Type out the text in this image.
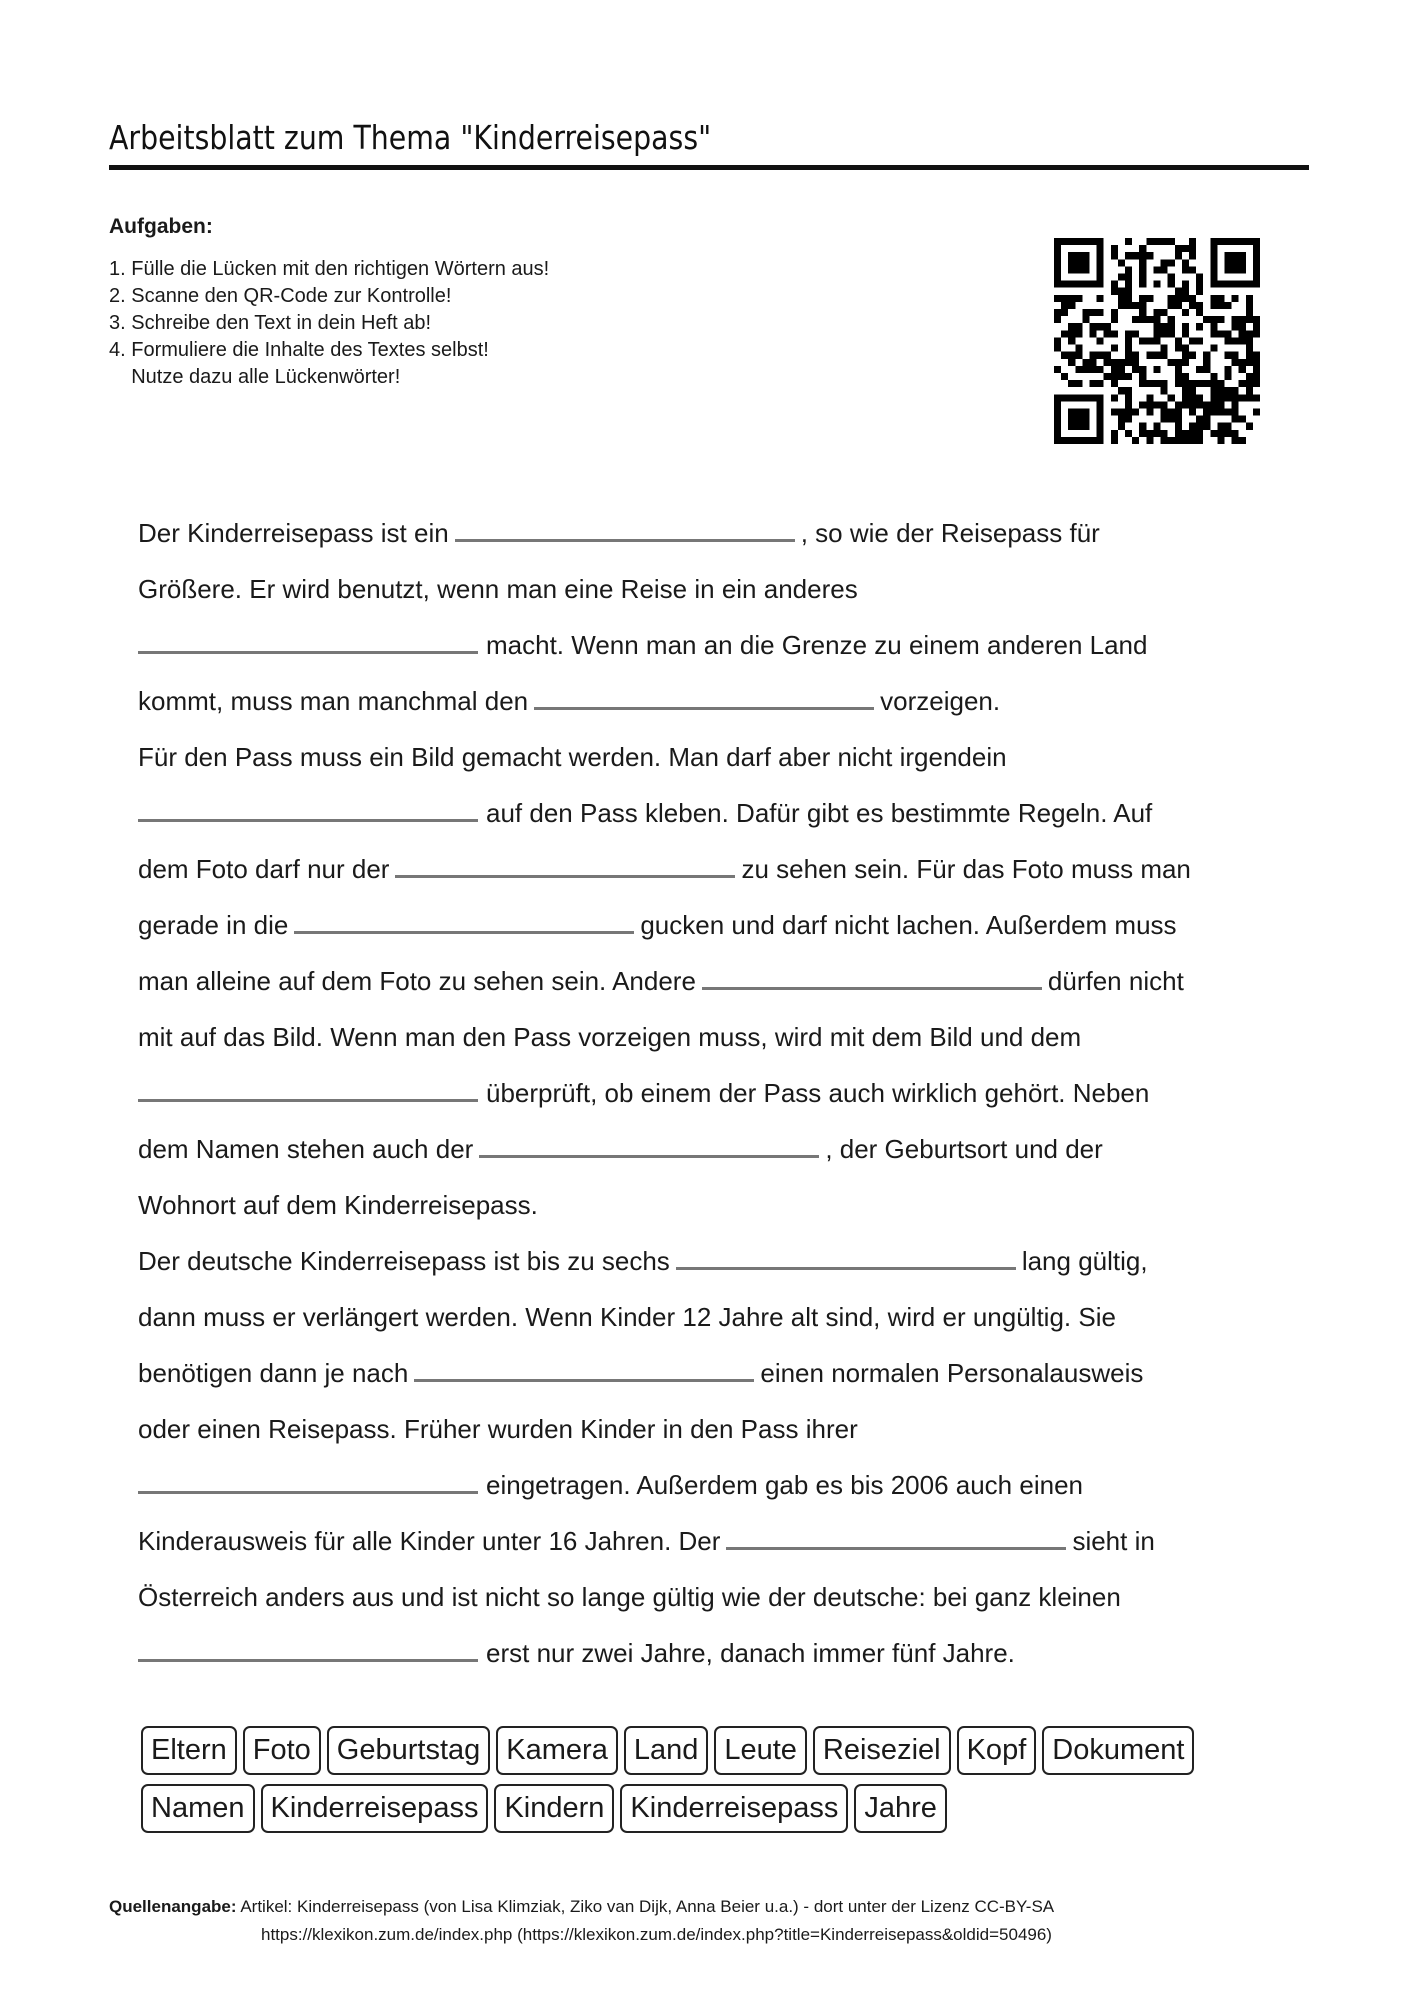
Arbeitsblatt zum Thema "Kinderreisepass"
Aufgaben:
1. Fülle die Lücken mit den richtigen Wörtern aus!
2. Scanne den QR-Code zur Kontrolle!
3. Schreibe den Text in dein Heft ab!
4. Formuliere die Inhalte des Textes selbst!
Nutze dazu alle Lückenwörter!
Der Kinderreisepass ist ein	, so wie der Reisepass für
Größere. Er wird benutzt, wenn man eine Reise in ein anderes
macht. Wenn man an die Grenze zu einem anderen Land
kommt, muss man manchmal den	vorzeigen.
Für den Pass muss ein Bild gemacht werden. Man darf aber nicht irgendein
auf den Pass kleben. Dafür gibt es bestimmte Regeln. Auf
dem Foto darf nur der	zu sehen sein. Für das Foto muss man
gerade in die	gucken und darf nicht lachen. Außerdem muss
man alleine auf dem Foto zu sehen sein. Andere	dürfen nicht
mit auf das Bild. Wenn man den Pass vorzeigen muss, wird mit dem Bild und dem
überprüft, ob einem der Pass auch wirklich gehört. Neben
dem Namen stehen auch der	, der Geburtsort und der
Wohnort auf dem Kinderreisepass.
Der deutsche Kinderreisepass ist bis zu sechs	lang gültig,
dann muss er verlängert werden. Wenn Kinder 12 Jahre alt sind, wird er ungültig. Sie
benötigen dann je nach	einen normalen Personalausweis
oder einen Reisepass. Früher wurden Kinder in den Pass ihrer
eingetragen. Außerdem gab es bis 2006 auch einen
Kinderausweis für alle Kinder unter 16 Jahren. Der	sieht in
Österreich anders aus und ist nicht so lange gültig wie der deutsche: bei ganz kleinen
erst nur zwei Jahre, danach immer fünf Jahre.
Eltern Foto Geburtstag Kamera Land Leute Reiseziel Kopf Dokument
Namen Kinderreisepass Kindern Kinderreisepass Jahre
Quellenangabe: Artikel: Kinderreisepass (von Lisa Klimziak, Ziko van Dijk, Anna Beier u.a.) - dort unter der Lizenz CC-BY-SA
https://klexikon.zum.de/index.php (https://klexikon.zum.de/index.php?title=Kinderreisepass&oldid=50496)
